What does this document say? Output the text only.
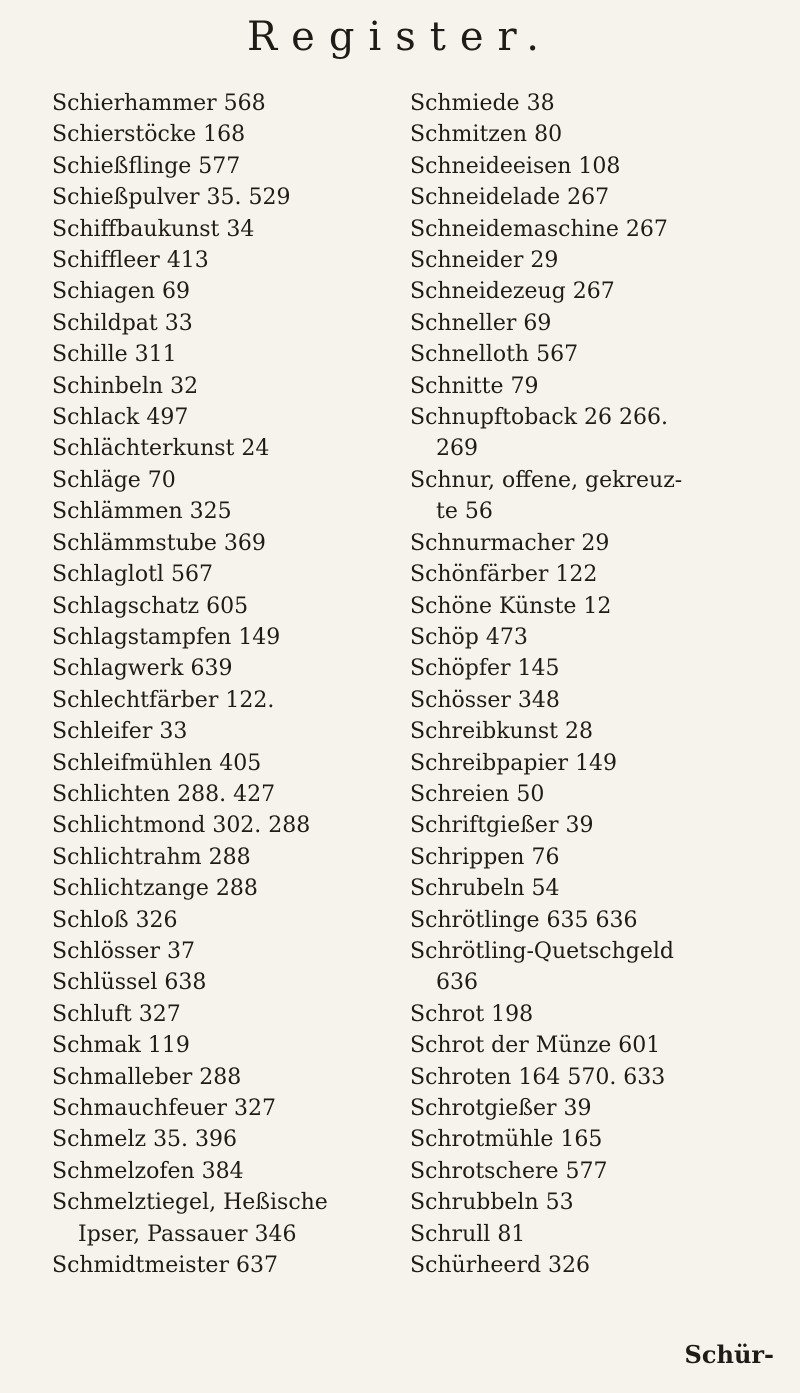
Register.
Schierhammer 568
Schierstöcke 168
Schießflinge 577
Schießpulver 35. 529
Schiffbaukunst 34
Schiffleer 413
Schiagen 69
Schildpat 33
Schille 311
Schinbeln 32
Schlack 497
Schlächterkunst 24
Schläge 70
Schlämmen 325
Schlämmstube 369
Schlaglotl 567
Schlagschatz 605
Schlagstampfen 149
Schlagwerk 639
Schlechtfärber 122.
Schleifer 33
Schleifmühlen 405
Schlichten 288. 427
Schlichtmond 302. 288
Schlichtrahm 288
Schlichtzange 288
Schloß 326
Schlösser 37
Schlüssel 638
Schluft 327
Schmak 119
Schmalleber 288
Schmauchfeuer 327
Schmelz 35. 396
Schmelzofen 384
Schmelztiegel, Heßische
Ipser, Passauer 346
Schmidtmeister 637
Schmiede 38
Schmitzen 80
Schneideeisen 108
Schneidelade 267
Schneidemaschine 267
Schneider 29
Schneidezeug 267
Schneller 69
Schnelloth 567
Schnitte 79
Schnupftoback 26 266.
269
Schnur, offene, gekreuz-
te 56
Schnurmacher 29
Schönfärber 122
Schöne Künste 12
Schöp 473
Schöpfer 145
Schösser 348
Schreibkunst 28
Schreibpapier 149
Schreien 50
Schriftgießer 39
Schrippen 76
Schrubeln 54
Schrötlinge 635 636
Schrötling-Quetschgeld
636
Schrot 198
Schrot der Münze 601
Schroten 164 570. 633
Schrotgießer 39
Schrotmühle 165
Schrotschere 577
Schrubbeln 53
Schrull 81
Schürheerd 326
Schür-
